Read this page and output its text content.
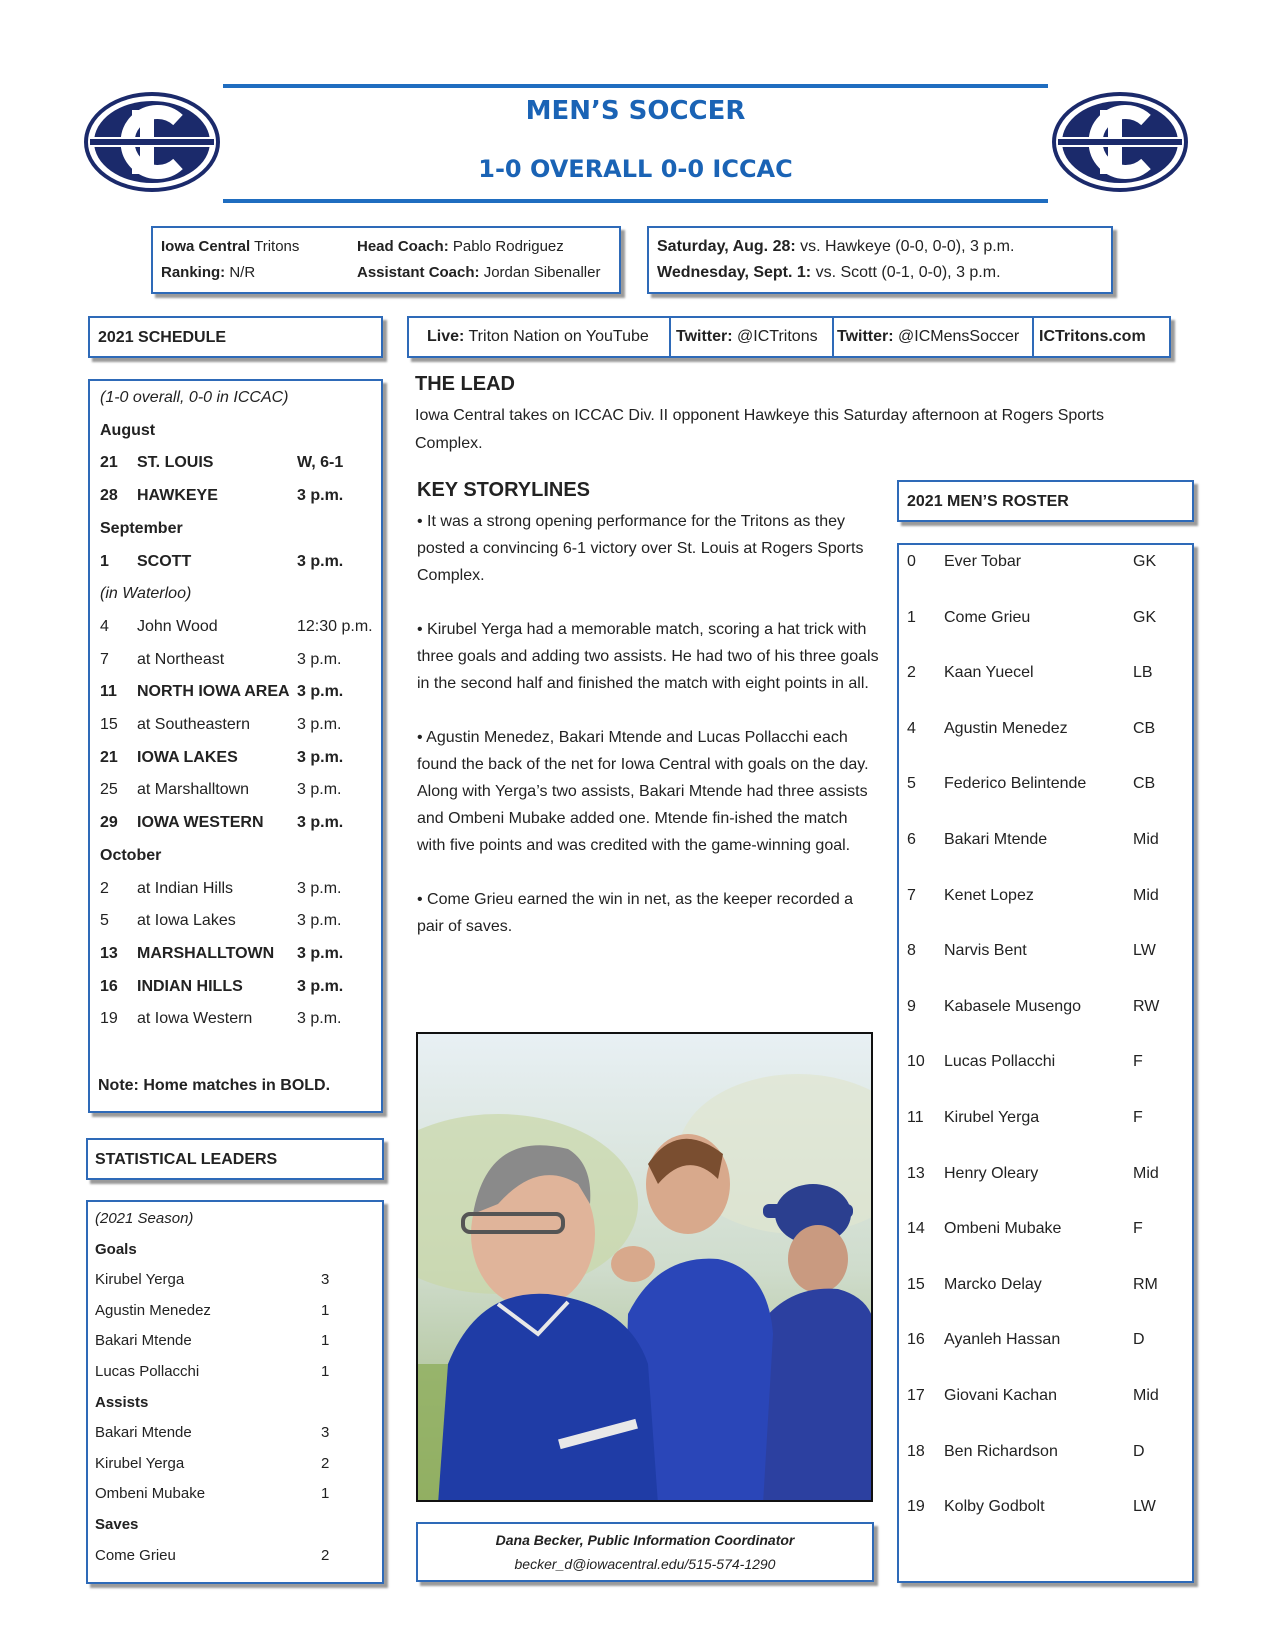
MEN’S SOCCER
1-0 OVERALL 0-0 ICCAC
Iowa Central Tritons
Ranking: N/R
Head Coach: Pablo Rodriguez
Assistant Coach: Jordan Sibenaller
Saturday, Aug. 28: vs. Hawkeye (0-0, 0-0), 3 p.m.
Wednesday, Sept. 1: vs. Scott (0-1, 0-0), 3 p.m.
2021 SCHEDULE
(1-0 overall, 0-0 in ICCAC)
August
21 ST. LOUIS	W, 6-1
28 HAWKEYE	3 p.m.
September
1 SCOTT	3 p.m.
(in Waterloo)
4 John Wood	12:30 p.m.
7 at Northeast	3 p.m.
11 NORTH IOWA AREA 3 p.m.
15 at Southeastern	3 p.m.
21 IOWA LAKES	3 p.m.
25 at Marshalltown	3 p.m.
29 IOWA WESTERN 3 p.m.
October
2 at Indian Hills	3 p.m.
5 at Iowa Lakes	3 p.m.
13 MARSHALLTOWN 3 p.m.
16 INDIAN HILLS	3 p.m.
19 at Iowa Western	3 p.m.
Note: Home matches in BOLD.
STATISTICAL LEADERS
(2021 Season)
Goals
Kirubel Yerga	3
Agustin Menedez	1
Bakari Mtende	1
Lucas Pollacchi	1
Assists
Bakari Mtende	3
Kirubel Yerga	2
Ombeni Mubake	1
Saves
Come Grieu	2
Live: Triton Nation on YouTube Twitter: @ICTritons Twitter: @ICMensSoccer ICTritons.com
THE LEAD

Iowa Central takes on ICCAC Div. II opponent Hawkeye this Saturday afternoon at Rogers Sports Complex.

KEY STORYLINES

• It was a strong opening performance for the Tritons as they posted a convincing 6-1 victory over St. Louis at Rogers Sports Complex.

• Kirubel Yerga had a memorable match, scoring a hat trick with three goals and adding two assists. He had two of his three goals in the second half and finished the match with eight points in all.

• Agustin Menedez, Bakari Mtende and Lucas Pollacchi each found the back of the net for Iowa Central with goals on the day. Along with Yerga’s two assists, Bakari Mtende had three assists and Ombeni Mubake added one. Mtende fin-ished the match with five points and was credited with the game-winning goal.

• Come Grieu earned the win in net, as the keeper recorded a pair of saves.

Dana Becker, Public Information Coordinator
becker_d@iowacentral.edu/515-574-1290
2021 MEN’S ROSTER
0 Ever Tobar	GK
1 Come Grieu	GK
2 Kaan Yuecel	LB
4 Agustin Menedez	CB
5 Federico Belintende	CB
6 Bakari Mtende	Mid
7 Kenet Lopez	Mid
8 Narvis Bent	LW
9 Kabasele Musengo	RW
10 Lucas Pollacchi	F
11 Kirubel Yerga	F
13 Henry Oleary	Mid
14 Ombeni Mubake	F
15 Marcko Delay	RM
16 Ayanleh Hassan	D
17 Giovani Kachan	Mid
18 Ben Richardson	D
19 Kolby Godbolt	LW
